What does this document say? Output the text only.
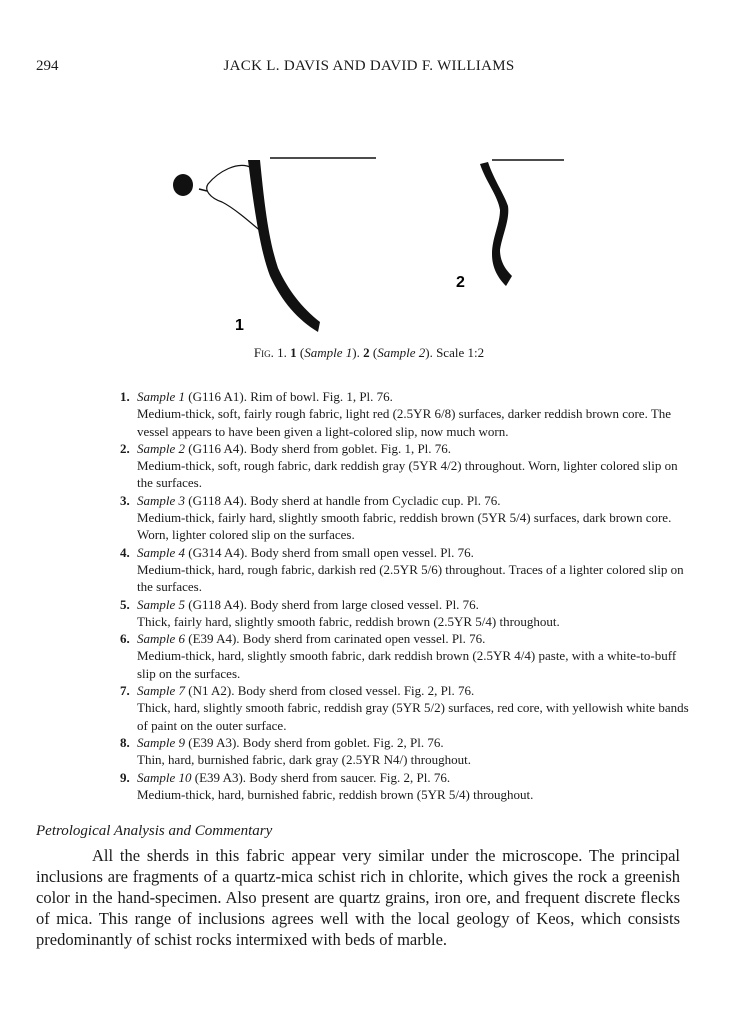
294	JACK L. DAVIS AND DAVID F. WILLIAMS
1
2
Fig. 1. 1 (Sample 1). 2 (Sample 2). Scale 1:2
1. Sample 1 (G116 A1). Rim of bowl. Fig. 1, Pl. 76.
Medium-thick, soft, fairly rough fabric, light red (2.5YR 6/8) surfaces, darker reddish brown core. The vessel appears to have been given a light-colored slip, now much worn.
2. Sample 2 (G116 A4). Body sherd from goblet. Fig. 1, Pl. 76.
Medium-thick, soft, rough fabric, dark reddish gray (5YR 4/2) throughout. Worn, lighter colored slip on the surfaces.
3. Sample 3 (G118 A4). Body sherd at handle from Cycladic cup. Pl. 76.
Medium-thick, fairly hard, slightly smooth fabric, reddish brown (5YR 5/4) surfaces, dark brown core. Worn, lighter colored slip on the surfaces.
4. Sample 4 (G314 A4). Body sherd from small open vessel. Pl. 76.
Medium-thick, hard, rough fabric, darkish red (2.5YR 5/6) throughout. Traces of a lighter colored slip on the surfaces.
5. Sample 5 (G118 A4). Body sherd from large closed vessel. Pl. 76.
Thick, fairly hard, slightly smooth fabric, reddish brown (2.5YR 5/4) throughout.
6. Sample 6 (E39 A4). Body sherd from carinated open vessel. Pl. 76.
Medium-thick, hard, slightly smooth fabric, dark reddish brown (2.5YR 4/4) paste, with a white-to-buff slip on the surfaces.
7. Sample 7 (N1 A2). Body sherd from closed vessel. Fig. 2, Pl. 76.
Thick, hard, slightly smooth fabric, reddish gray (5YR 5/2) surfaces, red core, with yellowish white bands of paint on the outer surface.
8. Sample 9 (E39 A3). Body sherd from goblet. Fig. 2, Pl. 76.
Thin, hard, burnished fabric, dark gray (2.5YR N4/) throughout.
9. Sample 10 (E39 A3). Body sherd from saucer. Fig. 2, Pl. 76.
Medium-thick, hard, burnished fabric, reddish brown (5YR 5/4) throughout.
Petrological Analysis and Commentary
All the sherds in this fabric appear very similar under the microscope. The principal inclusions are fragments of a quartz-mica schist rich in chlorite, which gives the rock a greenish color in the hand-specimen. Also present are quartz grains, iron ore, and frequent discrete flecks of mica. This range of inclusions agrees well with the local geology of Keos, which consists predominantly of schist rocks intermixed with beds of marble.
